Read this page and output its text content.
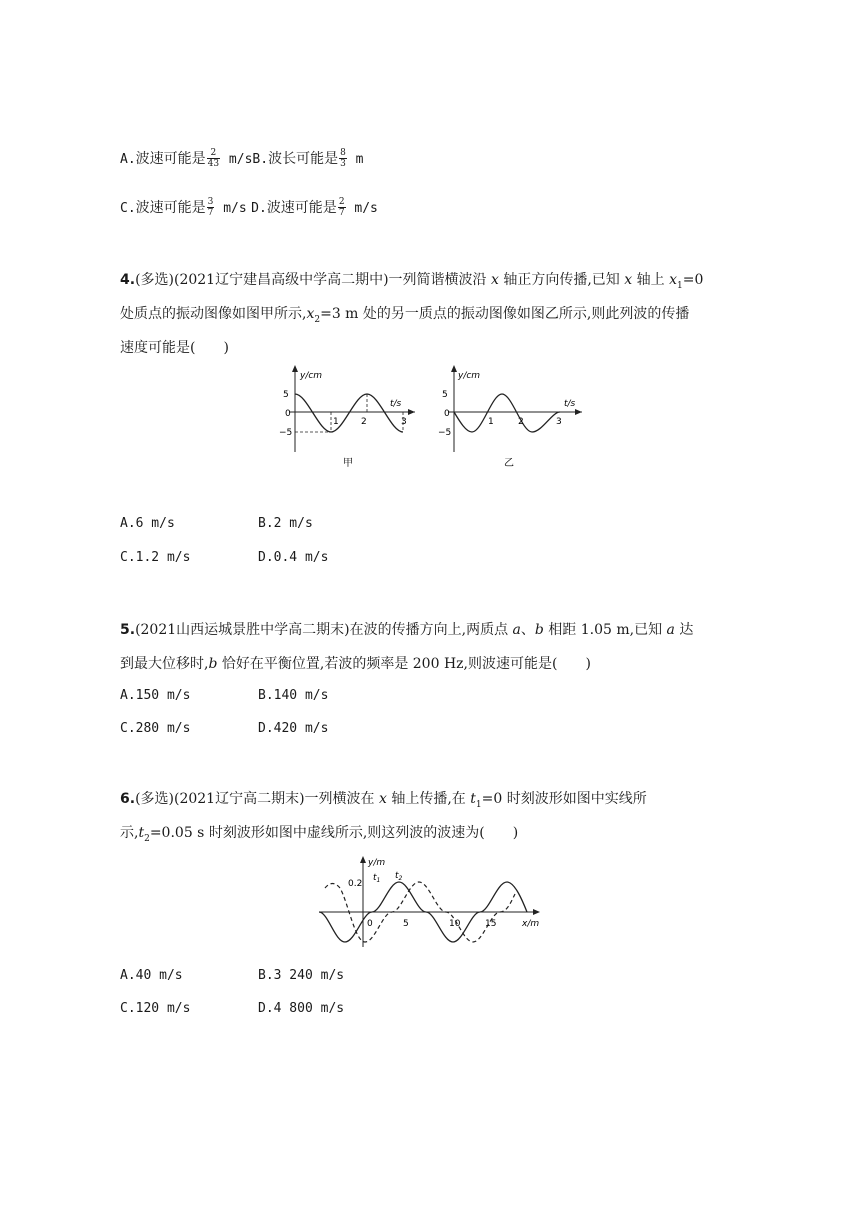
A.波速可能是 $\frac{2}{43} m/sB$.波长可能是 $\frac{8}{3}$ m
C.波速可能是 $\frac{3}{7} m/s$ D.波速可能是 $\frac{2}{7} m/s$
4.(多选)(2021辽宁建昌高级中学高二期中)一列简谐横波沿 x 轴正方向传播,已知 x 轴上 $x_1=0$
处质点的振动图像如图甲所示$,x_2=3$ m 处的另一质点的振动图像如图乙所示,则此列波的传播
速度可能是(　　)
y/cm
t/s
5
0
−5
1 2	3
甲
y/cm
t/s
5
0
−5
1	2	3
乙
A.6 m/s	B.2 m/s
C.1.2 m/s	D.0.4 m/s
5.(2021山西运城景胜中学高二期末)在波的传播方向上,两质点 a、b 相距 1.05 m,已知 a 达
到最大位移时,b 恰好在平衡位置,若波的频率是 200 Hz,则波速可能是(　　)
A.150 m/s	B.140 m/s
C.280 m/s	D.420 m/s
6.(多选)(2021辽宁高二期末)一列横波在 x 轴上传播,在 $t_1=0$ 时刻波形如图中实线所
示$,t_2=0.05$ s 时刻波形如图中虚线所示,则这列波的波速为(　　)
y/m
x/m
0.2
$t_1$ $t_2$
0	5	10	15
A.40 m/s	B.3 240 m/s
C.120 m/s	D.4 800 m/s
